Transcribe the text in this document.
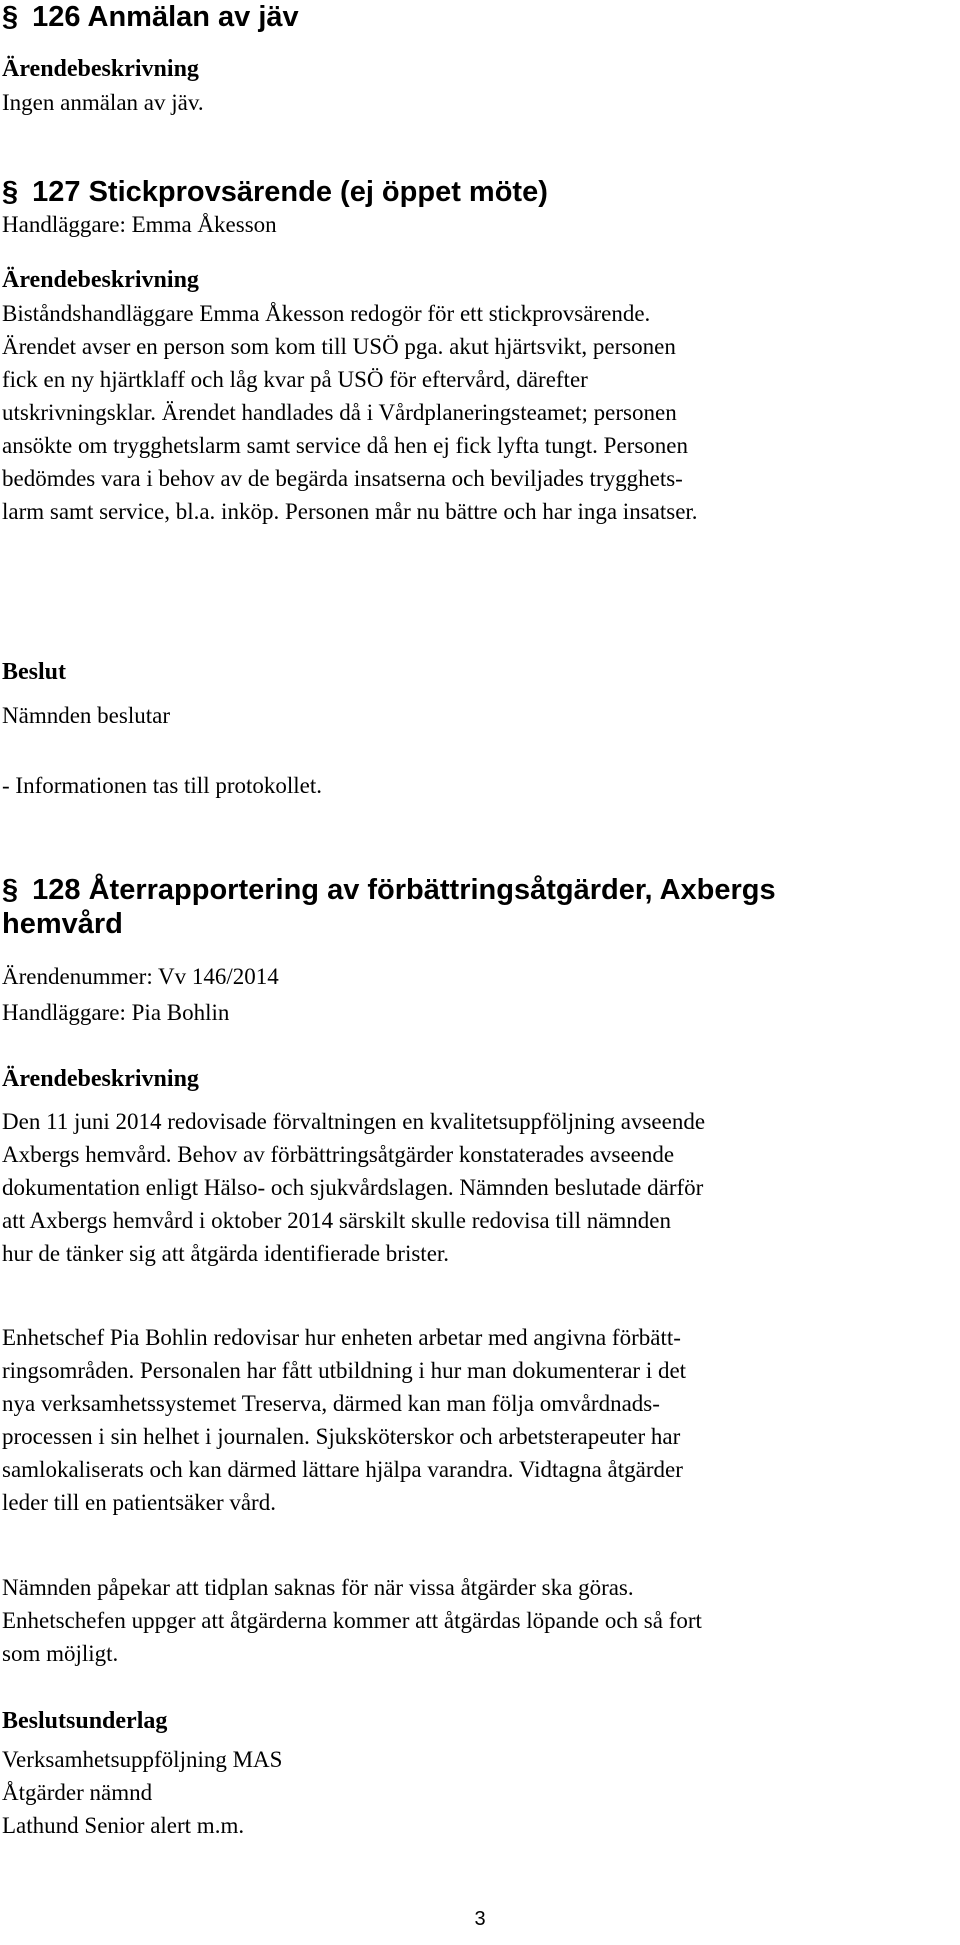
§ 126 Anmälan av jäv
Ärendebeskrivning
Ingen anmälan av jäv.
§ 127 Stickprovsärende (ej öppet möte)
Handläggare: Emma Åkesson
Ärendebeskrivning
Biståndshandläggare Emma Åkesson redogör för ett stickprovsärende.
Ärendet avser en person som kom till USÖ pga. akut hjärtsvikt, personen
fick en ny hjärtklaff och låg kvar på USÖ för eftervård, därefter
utskrivningsklar. Ärendet handlades då i Vårdplaneringsteamet; personen
ansökte om trygghetslarm samt service då hen ej fick lyfta tungt. Personen
bedömdes vara i behov av de begärda insatserna och beviljades trygghets-
larm samt service, bl.a. inköp. Personen mår nu bättre och har inga insatser.
Beslut
Nämnden beslutar
- Informationen tas till protokollet.
§ 128 Återrapportering av förbättringsåtgärder, Axbergs
hemvård
Ärendenummer: Vv 146/2014
Handläggare: Pia Bohlin
Ärendebeskrivning
Den 11 juni 2014 redovisade förvaltningen en kvalitetsuppföljning avseende
Axbergs hemvård. Behov av förbättringsåtgärder konstaterades avseende
dokumentation enligt Hälso- och sjukvårdslagen. Nämnden beslutade därför
att Axbergs hemvård i oktober 2014 särskilt skulle redovisa till nämnden
hur de tänker sig att åtgärda identifierade brister.
Enhetschef Pia Bohlin redovisar hur enheten arbetar med angivna förbätt-
ringsområden. Personalen har fått utbildning i hur man dokumenterar i det
nya verksamhetssystemet Treserva, därmed kan man följa omvårdnads-
processen i sin helhet i journalen. Sjuksköterskor och arbetsterapeuter har
samlokaliserats och kan därmed lättare hjälpa varandra. Vidtagna åtgärder
leder till en patientsäker vård.
Nämnden påpekar att tidplan saknas för när vissa åtgärder ska göras.
Enhetschefen uppger att åtgärderna kommer att åtgärdas löpande och så fort
som möjligt.
Beslutsunderlag
Verksamhetsuppföljning MAS
Åtgärder nämnd
Lathund Senior alert m.m.
3
